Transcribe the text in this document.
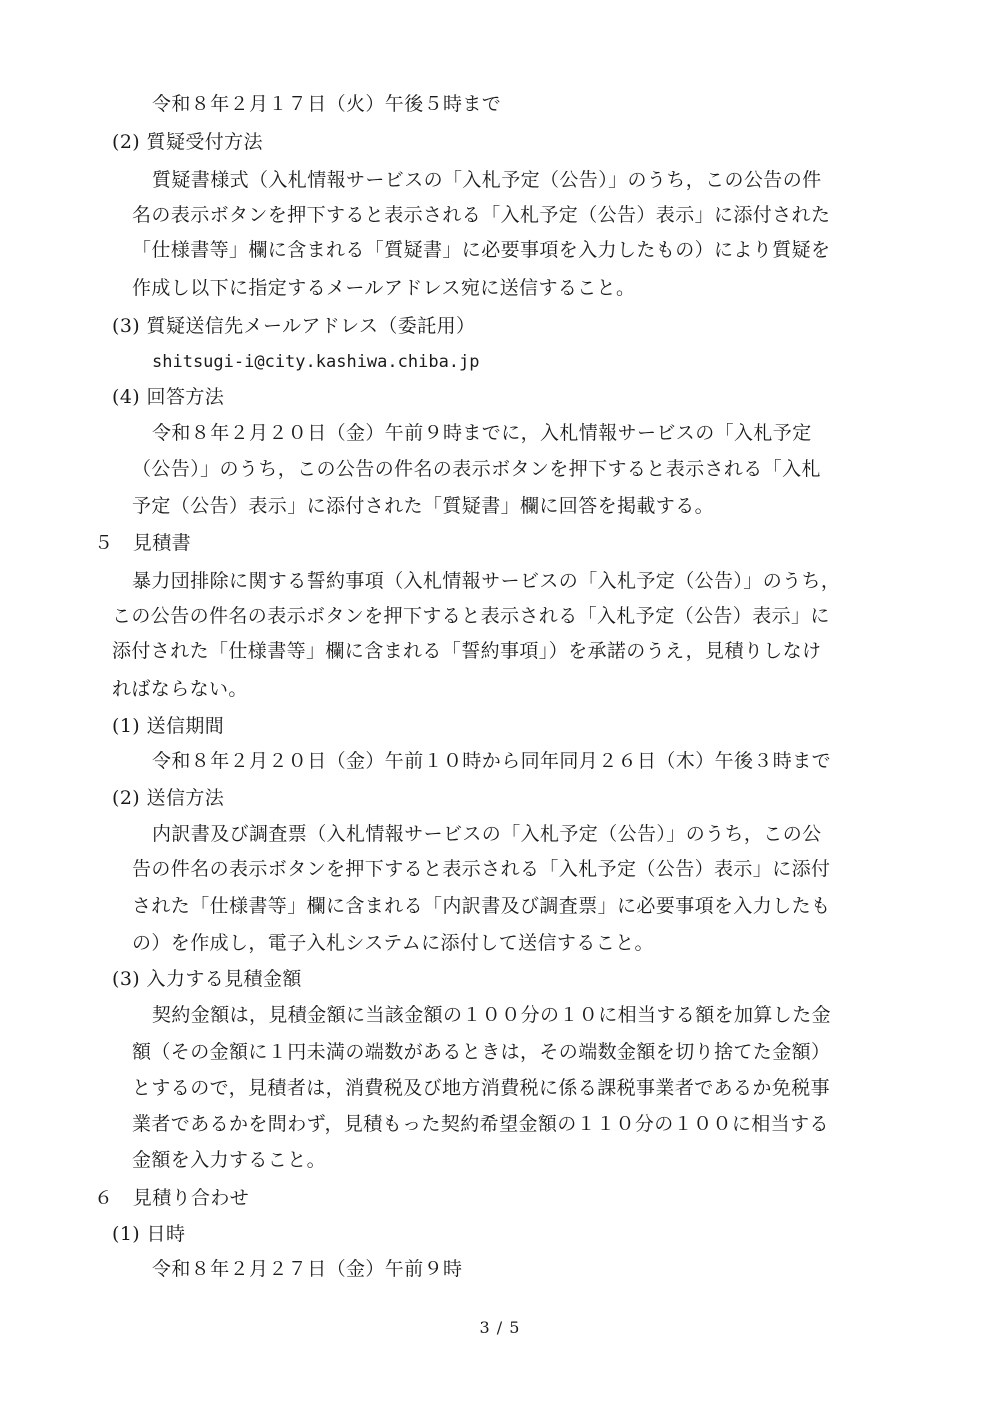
令和８年２月１７日（火）午後５時まで
(2) 質疑受付方法
質疑書様式（入札情報サービスの「入札予定（公告）」のうち，この公告の件
名の表示ボタンを押下すると表示される「入札予定（公告）表示」に添付された
「仕様書等」欄に含まれる「質疑書」に必要事項を入力したもの）により質疑を
作成し以下に指定するメールアドレス宛に送信すること。
(3) 質疑送信先メールアドレス（委託用）
shitsugi-i@city.kashiwa.chiba.jp
(4) 回答方法
令和８年２月２０日（金）午前９時までに，入札情報サービスの「入札予定
（公告）」のうち，この公告の件名の表示ボタンを押下すると表示される「入札
予定（公告）表示」に添付された「質疑書」欄に回答を掲載する。
５　見積書
暴力団排除に関する誓約事項（入札情報サービスの「入札予定（公告）」のうち，
この公告の件名の表示ボタンを押下すると表示される「入札予定（公告）表示」に
添付された「仕様書等」欄に含まれる「誓約事項」）を承諾のうえ，見積りしなけ
ればならない。
(1) 送信期間
令和８年２月２０日（金）午前１０時から同年同月２６日（木）午後３時まで
(2) 送信方法
内訳書及び調査票（入札情報サービスの「入札予定（公告）」のうち，この公
告の件名の表示ボタンを押下すると表示される「入札予定（公告）表示」に添付
された「仕様書等」欄に含まれる「内訳書及び調査票」に必要事項を入力したも
の）を作成し，電子入札システムに添付して送信すること。
(3) 入力する見積金額
契約金額は，見積金額に当該金額の１００分の１０に相当する額を加算した金
額（その金額に１円未満の端数があるときは，その端数金額を切り捨てた金額）
とするので，見積者は，消費税及び地方消費税に係る課税事業者であるか免税事
業者であるかを問わず，見積もった契約希望金額の１１０分の１００に相当する
金額を入力すること。
６　見積り合わせ
(1) 日時
令和８年２月２７日（金）午前９時
3 / 5
